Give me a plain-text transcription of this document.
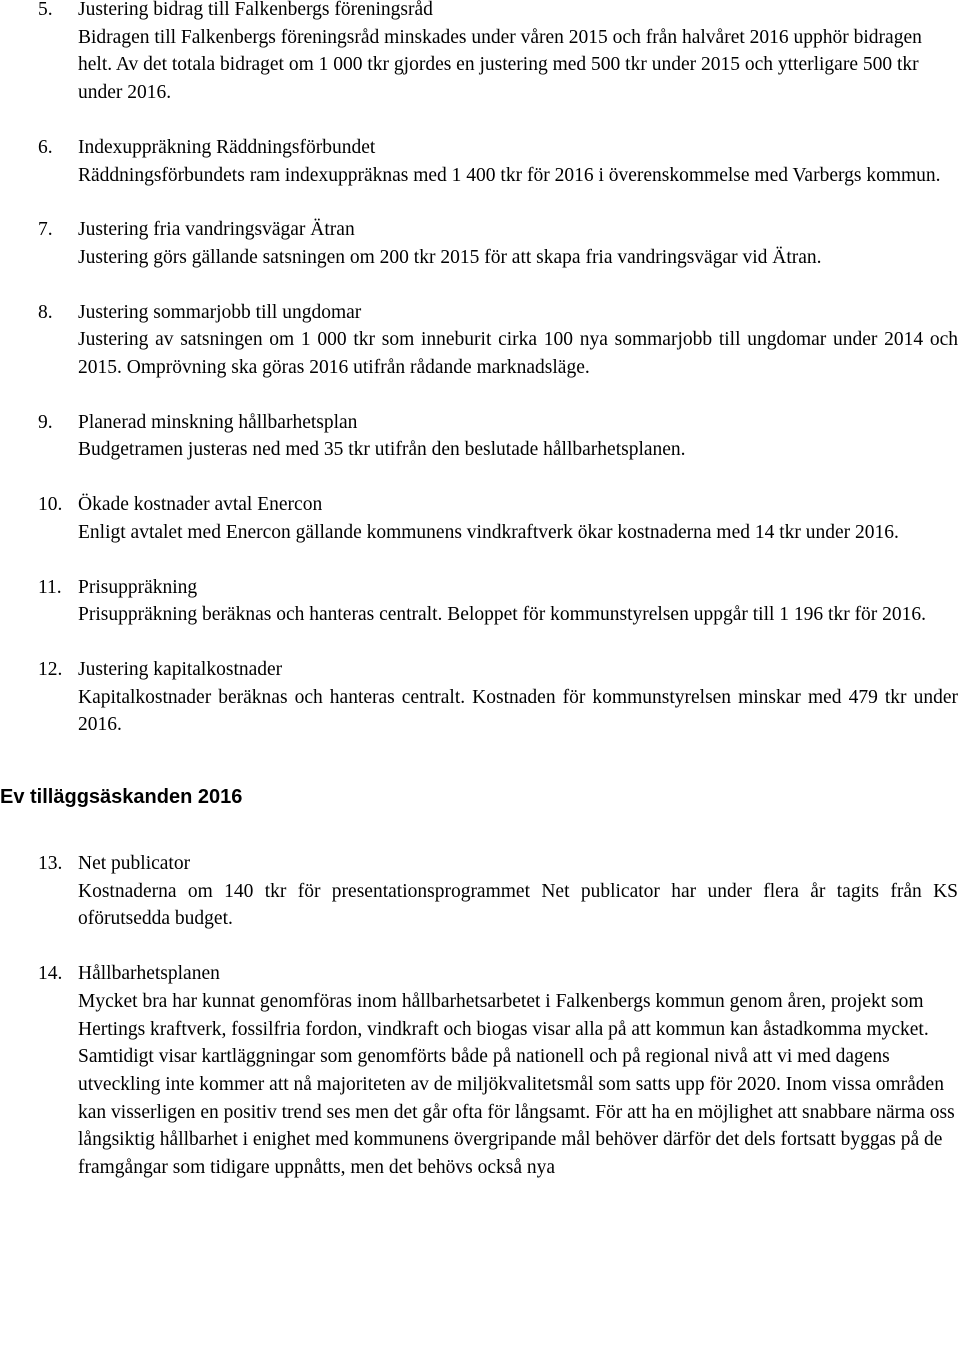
5. Justering bidrag till Falkenbergs föreningsråd
Bidragen till Falkenbergs föreningsråd minskades under våren 2015 och från halvåret 2016 upphör bidragen helt. Av det totala bidraget om 1 000 tkr gjordes en justering med 500 tkr under 2015 och ytterligare 500 tkr under 2016.
6. Indexuppräkning Räddningsförbundet
Räddningsförbundets ram indexuppräknas med 1 400 tkr för 2016 i överenskommelse med Varbergs kommun.
7. Justering fria vandringsvägar Ätran
Justering görs gällande satsningen om 200 tkr 2015 för att skapa fria vandringsvägar vid Ätran.
8. Justering sommarjobb till ungdomar
Justering av satsningen om 1 000 tkr som inneburit cirka 100 nya sommarjobb till ungdomar under 2014 och 2015. Omprövning ska göras 2016 utifrån rådande marknadsläge.
9. Planerad minskning hållbarhetsplan
Budgetramen justeras ned med 35 tkr utifrån den beslutade hållbarhetsplanen.
10. Ökade kostnader avtal Enercon
Enligt avtalet med Enercon gällande kommunens vindkraftverk ökar kostnaderna med 14 tkr under 2016.
11. Prisuppräkning
Prisuppräkning beräknas och hanteras centralt. Beloppet för kommunstyrelsen uppgår till 1 196 tkr för 2016.
12. Justering kapitalkostnader
Kapitalkostnader beräknas och hanteras centralt. Kostnaden för kommunstyrelsen minskar med 479 tkr under 2016.
Ev tilläggsäskanden 2016
13. Net publicator
Kostnaderna om 140 tkr för presentationsprogrammet Net publicator har under flera år tagits från KS oförutsedda budget.
14. Hållbarhetsplanen
Mycket bra har kunnat genomföras inom hållbarhetsarbetet i Falkenbergs kommun genom åren, projekt som Hertings kraftverk, fossilfria fordon, vindkraft och biogas visar alla på att kommun kan åstadkomma mycket. Samtidigt visar kartläggningar som genomförts både på nationell och på regional nivå att vi med dagens utveckling inte kommer att nå majoriteten av de miljökvalitetsmål som satts upp för 2020. Inom vissa områden kan visserligen en positiv trend ses men det går ofta för långsamt. För att ha en möjlighet att snabbare närma oss långsiktig hållbarhet i enighet med kommunens övergripande mål behöver därför det dels fortsatt byggas på de framgångar som tidigare uppnåtts, men det behövs också nya
